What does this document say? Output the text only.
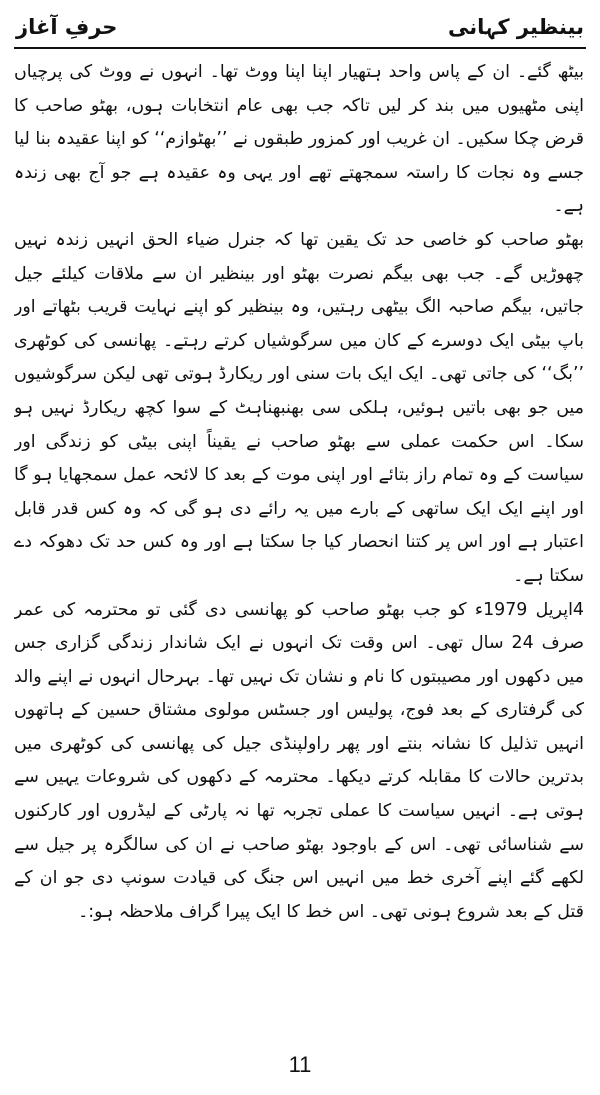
حرفِ آغاز	بینظیر کہانی

بیٹھ گئے۔ ان کے پاس واحد ہتھیار اپنا اپنا ووٹ تھا۔ انہوں نے ووٹ کی پرچیاں اپنی مٹھیوں میں بند کر لیں تاکہ جب بھی عام انتخابات ہوں، بھٹو صاحب کا قرض چکا سکیں۔ ان غریب اور کمزور طبقوں نے ’’بھٹوازم‘‘ کو اپنا عقیدہ بنا لیا جسے وہ نجات کا راستہ سمجھتے تھے اور یہی وہ عقیدہ ہے جو آج بھی زندہ ہے۔

بھٹو صاحب کو خاصی حد تک یقین تھا کہ جنرل ضیاء الحق انہیں زندہ نہیں چھوڑیں گے۔ جب بھی بیگم نصرت بھٹو اور بینظیر ان سے ملاقات کیلئے جیل جاتیں، بیگم صاحبہ الگ بیٹھی رہتیں، وہ بینظیر کو اپنے نہایت قریب بٹھاتے اور باپ بیٹی ایک دوسرے کے کان میں سرگوشیاں کرتے رہتے۔ پھانسی کی کوٹھری ’’بگ‘‘ کی جاتی تھی۔ ایک ایک بات سنی اور ریکارڈ ہوتی تھی لیکن سرگوشیوں میں جو بھی باتیں ہوئیں، ہلکی سی بھنبھناہٹ کے سوا کچھ ریکارڈ نہیں ہو سکا۔ اس حکمت عملی سے بھٹو صاحب نے یقیناً اپنی بیٹی کو زندگی اور سیاست کے وہ تمام راز بتائے اور اپنی موت کے بعد کا لائحہ عمل سمجھایا ہو گا اور اپنے ایک ایک ساتھی کے بارے میں یہ رائے دی ہو گی کہ وہ کس قدر قابل اعتبار ہے اور اس پر کتنا انحصار کیا جا سکتا ہے اور وہ کس حد تک دھوکہ دے سکتا ہے۔

4اپریل 1979ء کو جب بھٹو صاحب کو پھانسی دی گئی تو محترمہ کی عمر صرف 24 سال تھی۔ اس وقت تک انہوں نے ایک شاندار زندگی گزاری جس میں دکھوں اور مصیبتوں کا نام و نشان تک نہیں تھا۔ بہرحال انہوں نے اپنے والد کی گرفتاری کے بعد فوج، پولیس اور جسٹس مولوی مشتاق حسین کے ہاتھوں انہیں تذلیل کا نشانہ بنتے اور پھر راولپنڈی جیل کی پھانسی کی کوٹھری میں بدترین حالات کا مقابلہ کرتے دیکھا۔ محترمہ کے دکھوں کی شروعات یہیں سے ہوتی ہے۔ انہیں سیاست کا عملی تجربہ تھا نہ پارٹی کے لیڈروں اور کارکنوں سے شناسائی تھی۔ اس کے باوجود بھٹو صاحب نے ان کی سالگرہ پر جیل سے لکھے گئے اپنے آخری خط میں انہیں اس جنگ کی قیادت سونپ دی جو ان کے قتل کے بعد شروع ہونی تھی۔ اس خط کا ایک پیرا گراف ملاحظہ ہو:۔

11
